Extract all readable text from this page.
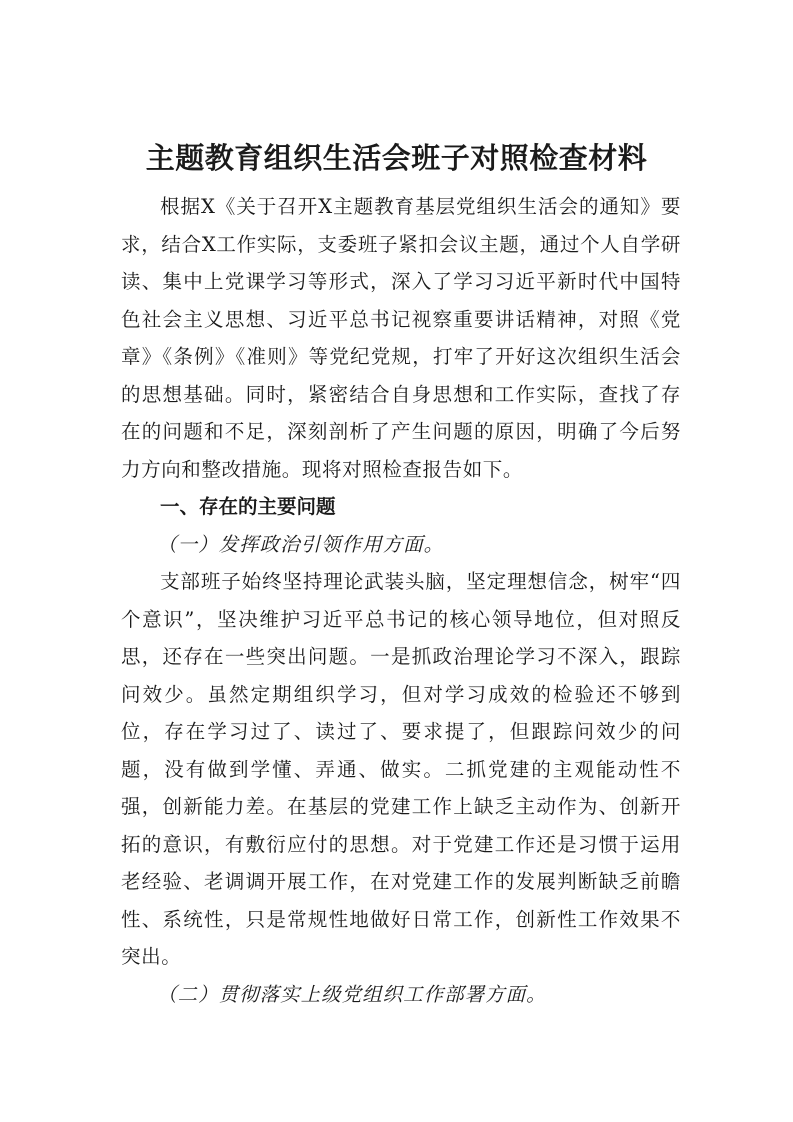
主题教育组织生活会班子对照检查材料

根据X《关于召开X主题教育基层党组织生活会的通知》要求，结合X工作实际，支委班子紧扣会议主题，通过个人自学研读、集中上党课学习等形式，深入了学习习近平新时代中国特色社会主义思想、习近平总书记视察重要讲话精神，对照《党章》《条例》《准则》等党纪党规，打牢了开好这次组织生活会的思想基础。同时，紧密结合自身思想和工作实际，查找了存在的问题和不足，深刻剖析了产生问题的原因，明确了今后努力方向和整改措施。现将对照检查报告如下。

一、存在的主要问题

（一）发挥政治引领作用方面。

支部班子始终坚持理论武装头脑，坚定理想信念，树牢“四个意识”，坚决维护习近平总书记的核心领导地位，但对照反思，还存在一些突出问题。一是抓政治理论学习不深入，跟踪问效少。虽然定期组织学习，但对学习成效的检验还不够到位，存在学习过了、读过了、要求提了，但跟踪问效少的问题，没有做到学懂、弄通、做实。二抓党建的主观能动性不强，创新能力差。在基层的党建工作上缺乏主动作为、创新开拓的意识，有敷衍应付的思想。对于党建工作还是习惯于运用老经验、老调调开展工作，在对党建工作的发展判断缺乏前瞻性、系统性，只是常规性地做好日常工作，创新性工作效果不突出。

（二）贯彻落实上级党组织工作部署方面。
